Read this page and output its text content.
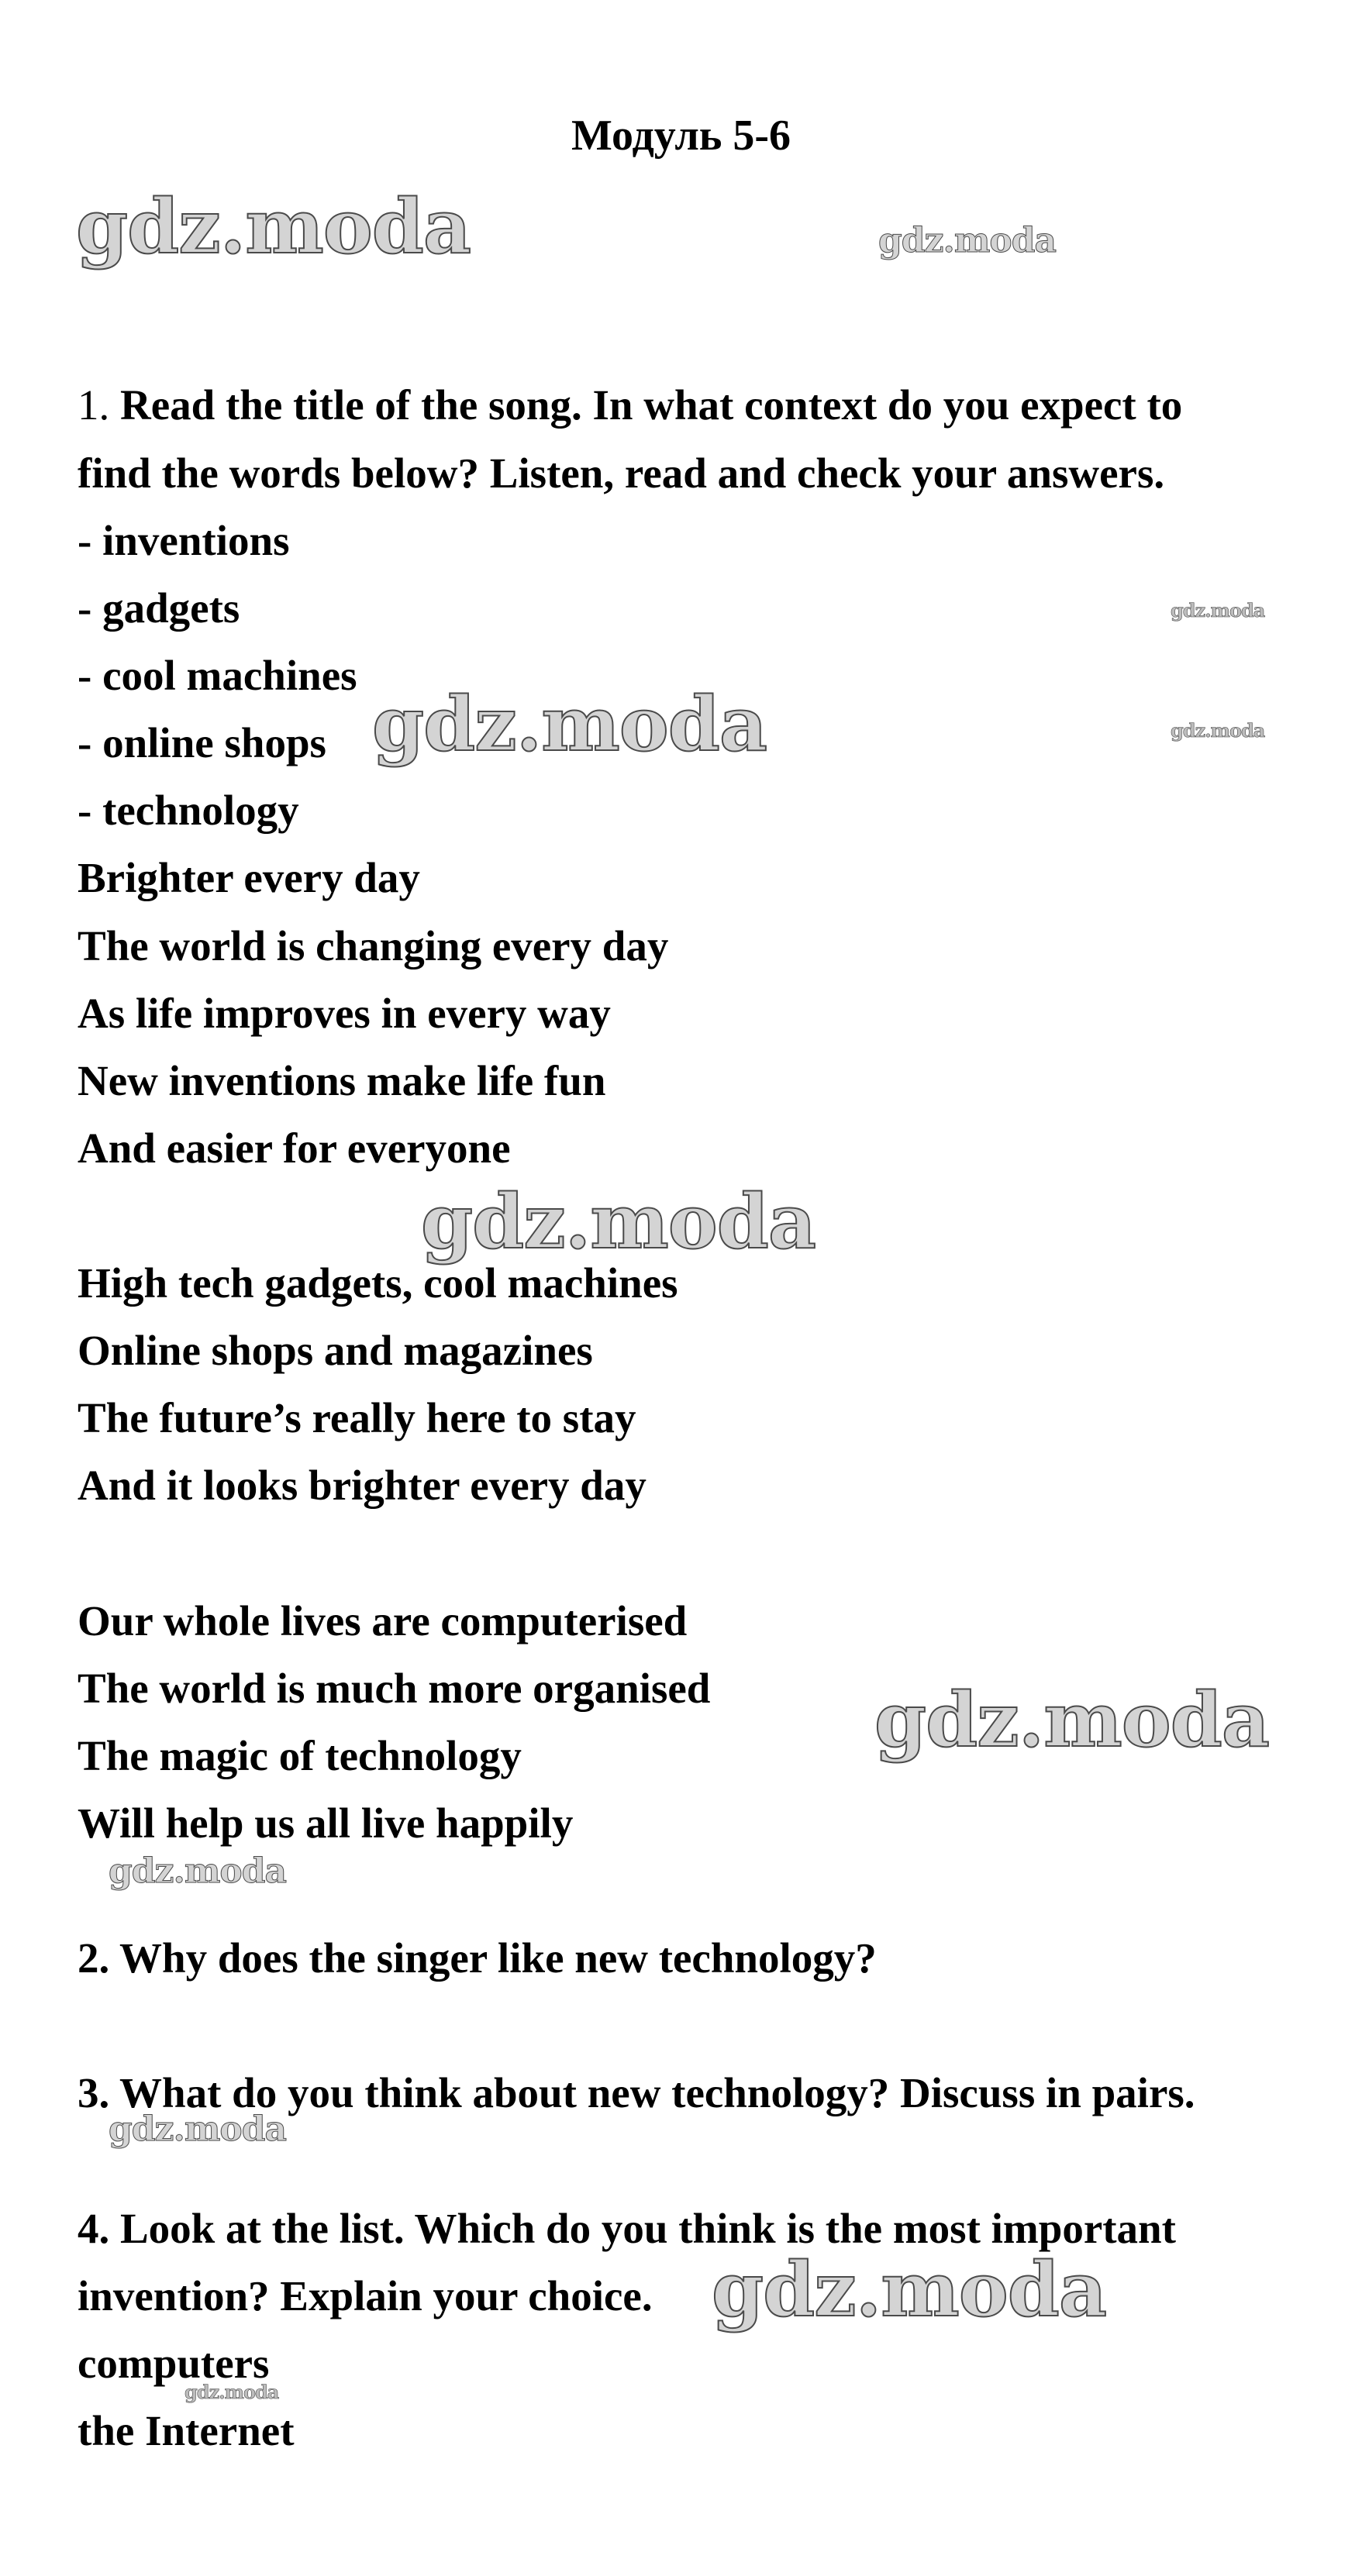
Модуль 5-6
1. Read the title of the song. In what context do you expect to
find the words below? Listen, read and check your answers.
- inventions
- gadgets
- cool machines
- online shops
- technology
Brighter every day
The world is changing every day
As life improves in every way
New inventions make life fun
And easier for everyone
High tech gadgets, cool machines
Online shops and magazines
The future’s really here to stay
And it looks brighter every day
Our whole lives are computerised
The world is much more organised
The magic of technology
Will help us all live happily
2. Why does the singer like new technology?
3. What do you think about new technology? Discuss in pairs.
4. Look at the list. Which do you think is the most important
invention? Explain your choice.
computers
the Internet
gdz.moda	gdz.moda
gdz.moda
gdz.moda	gdz.moda
gdz.moda
gdz.moda
gdz.moda
gdz.moda
gdz.moda
gdz.moda
